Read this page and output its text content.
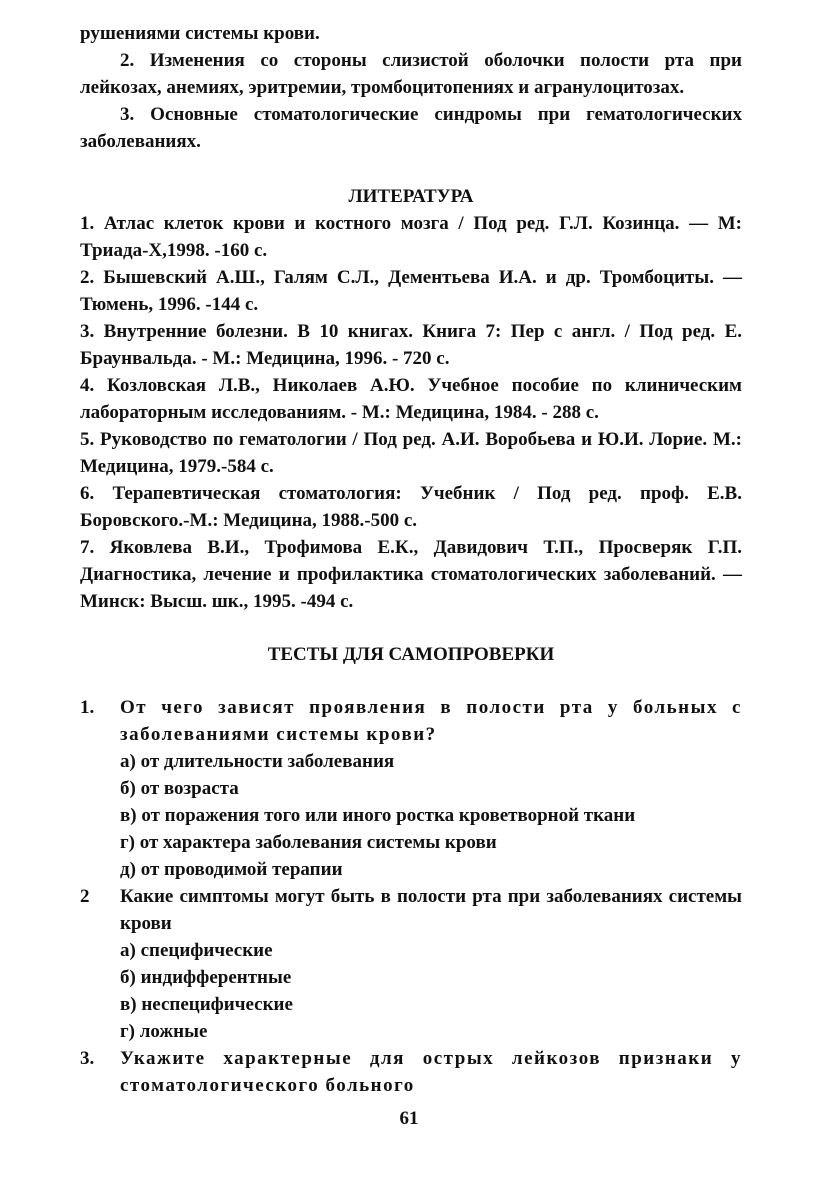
рушениями системы крови.

2. Изменения со стороны слизистой оболочки полости рта при лейкозах, анемиях, эритремии, тромбоцитопениях и агранулоцитозах.

3. Основные стоматологические синдромы при гематологических заболеваниях.

ЛИТЕРАТУРА

1. Атлас клеток крови и костного мозга / Под ред. Г.Л. Козинца. — М: Триада-Х,1998. -160 с.

2. Бышевский А.Ш., Галям С.Л., Дементьева И.А. и др. Тромбоциты. — Тюмень, 1996. -144 с.

3. Внутренние болезни. В 10 книгах. Книга 7: Пер с англ. / Под ред. Е. Браунвальда. - М.: Медицина, 1996. - 720 с.

4. Козловская Л.В., Николаев А.Ю. Учебное пособие по клиническим лабораторным исследованиям. - М.: Медицина, 1984. - 288 с.

5. Руководство по гематологии / Под ред. А.И. Воробьева и Ю.И. Лорие. М.: Медицина, 1979.-584 с.

6. Терапевтическая стоматология: Учебник / Под ред. проф. Е.В. Боровского.-М.: Медицина, 1988.-500 с.

7. Яковлева В.И., Трофимова Е.К., Давидович Т.П., Просверяк Г.П. Диагностика, лечение и профилактика стоматологических заболеваний. — Минск: Высш. шк., 1995. -494 с.

ТЕСТЫ ДЛЯ САМОПРОВЕРКИ

1.	От чего зависят проявления в полости рта у больных с заболеваниями системы крови?

а) от длительности заболевания

б) от возраста

в) от поражения того или иного ростка кроветворной ткани

г) от характера заболевания системы крови

д) от проводимой терапии

2	Какие симптомы могут быть в полости рта при заболеваниях системы крови

а) специфические

б) индифферентные

в) неспецифические

г) ложные

3.	Укажите характерные для острых лейкозов признаки у стоматологического больного
61
